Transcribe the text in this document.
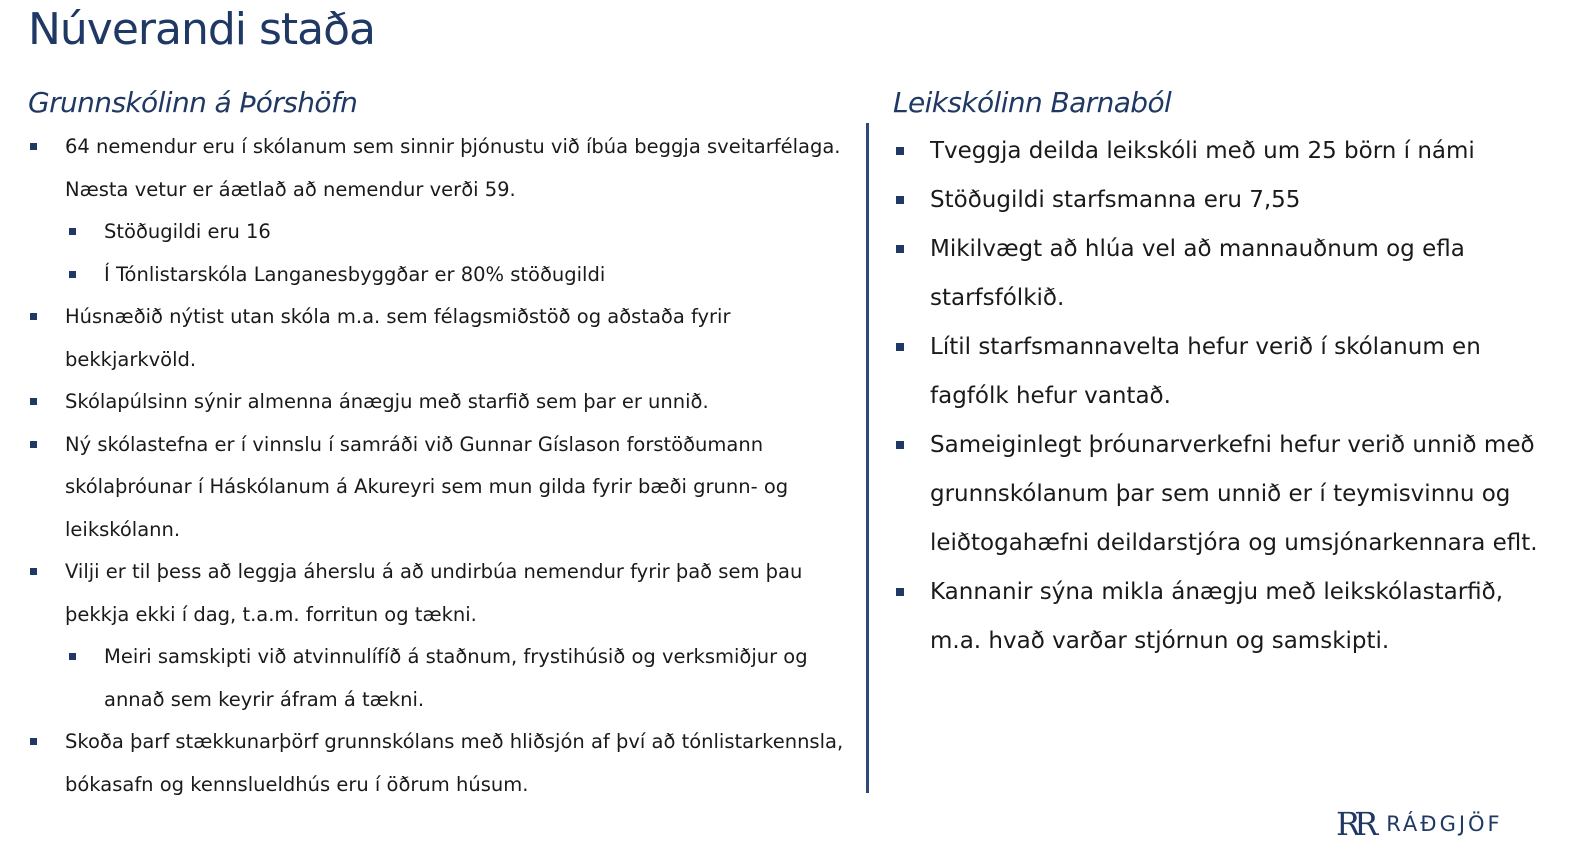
Núverandi staða
Grunnskólinn á Þórshöfn	Leikskólinn Barnaból
64 nemendur eru í skólanum sem sinnir þjónustu við íbúa beggja sveitarfélaga. Næsta vetur er áætlað að nemendur verði 59.
Stöðugildi eru 16
Í Tónlistarskóla Langanesbyggðar er 80% stöðugildi
Húsnæðið nýtist utan skóla m.a. sem félagsmiðstöð og aðstaða fyrir bekkjarkvöld.
Skólapúlsinn sýnir almenna ánægju með starfið sem þar er unnið.
Ný skólastefna er í vinnslu í samráði við Gunnar Gíslason forstöðumann skólaþróunar í Háskólanum á Akureyri sem mun gilda fyrir bæði grunn- og leikskólann.
Vilji er til þess að leggja áherslu á að undirbúa nemendur fyrir það sem þau þekkja ekki í dag, t.a.m. forritun og tækni.
Meiri samskipti við atvinnulífíð á staðnum, frystihúsið og verksmiðjur og annað sem keyrir áfram á tækni.
Skoða þarf stækkunarþörf grunnskólans með hliðsjón af því að tónlistarkennsla, bókasafn og kennslueldhús eru í öðrum húsum.
Tveggja deilda leikskóli með um 25 börn í námi
Stöðugildi starfsmanna eru 7,55
Mikilvægt að hlúa vel að mannauðnum og efla starfsfólkið.
Lítil starfsmannavelta hefur verið í skólanum en fagfólk hefur vantað.
Sameiginlegt þróunarverkefni hefur verið unnið með grunnskólanum þar sem unnið er í teymisvinnu og leiðtogahæfni deildarstjóra og umsjónarkennara eflt.
Kannanir sýna mikla ánægju með leikskólastarfið, m.a. hvað varðar stjórnun og samskipti.
RR RÁÐGJÖF
